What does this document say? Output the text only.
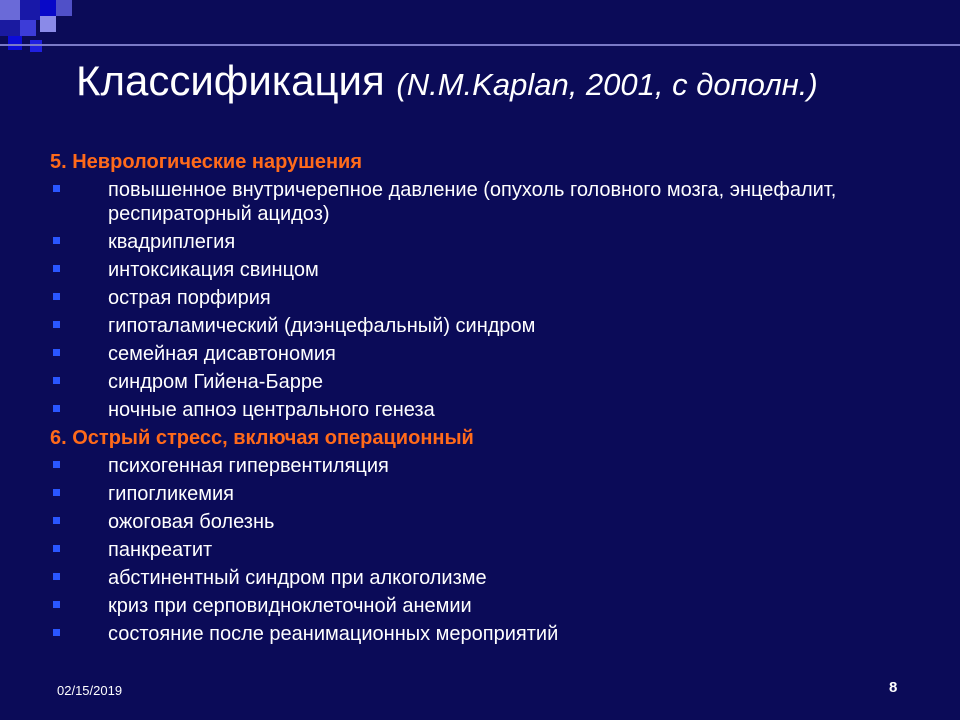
Классификация (N.M.Kaplan, 2001, с дополн.)
5. Неврологические нарушения
повышенное внутричерепное давление (опухоль головного мозга, энцефалит, респираторный ацидоз)
квадриплегия
интоксикация свинцом
острая порфирия
гипоталамический (диэнцефальный) синдром
семейная дисавтономия
синдром Гийена-Барре
ночные апноэ центрального генеза
6. Острый стресс, включая операционный
психогенная гипервентиляция
гипогликемия
ожоговая болезнь
панкреатит
абстинентный синдром при алкоголизме
криз при серповидноклеточной анемии
состояние после реанимационных мероприятий
02/15/2019	8
